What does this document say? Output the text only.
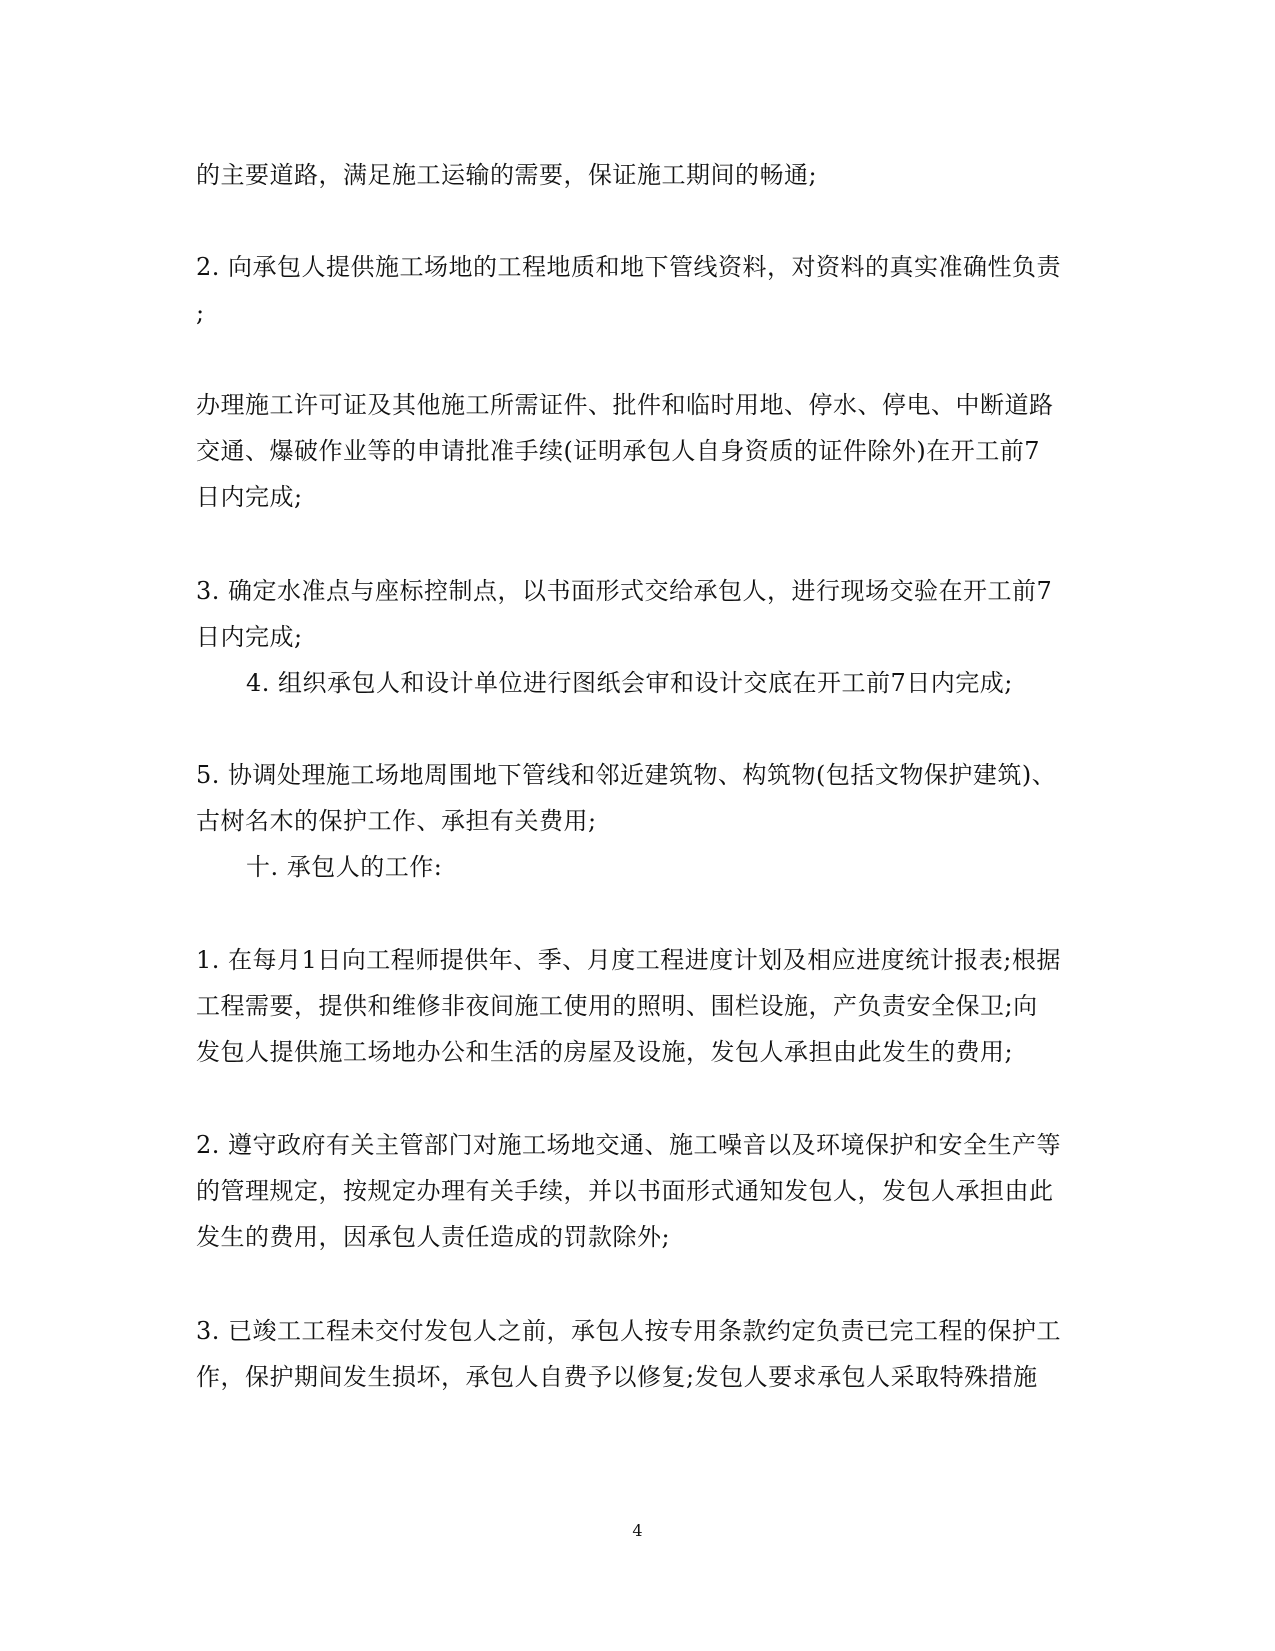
的主要道路，满足施工运输的需要，保证施工期间的畅通;
2. 向承包人提供施工场地的工程地质和地下管线资料，对资料的真实准确性负责
;
办理施工许可证及其他施工所需证件、批件和临时用地、停水、停电、中断道路
交通、爆破作业等的申请批准手续(证明承包人自身资质的证件除外)在开工前7
日内完成;
3. 确定水准点与座标控制点，以书面形式交给承包人，进行现场交验在开工前7
日内完成;
4. 组织承包人和设计单位进行图纸会审和设计交底在开工前7日内完成;
5. 协调处理施工场地周围地下管线和邻近建筑物、构筑物(包括文物保护建筑)、
古树名木的保护工作、承担有关费用;
十. 承包人的工作:
1. 在每月1日向工程师提供年、季、月度工程进度计划及相应进度统计报表;根据
工程需要，提供和维修非夜间施工使用的照明、围栏设施，产负责安全保卫;向
发包人提供施工场地办公和生活的房屋及设施，发包人承担由此发生的费用;
2. 遵守政府有关主管部门对施工场地交通、施工噪音以及环境保护和安全生产等
的管理规定，按规定办理有关手续，并以书面形式通知发包人，发包人承担由此
发生的费用，因承包人责任造成的罚款除外;
3. 已竣工工程未交付发包人之前，承包人按专用条款约定负责已完工程的保护工
作，保护期间发生损坏，承包人自费予以修复;发包人要求承包人采取特殊措施
4
